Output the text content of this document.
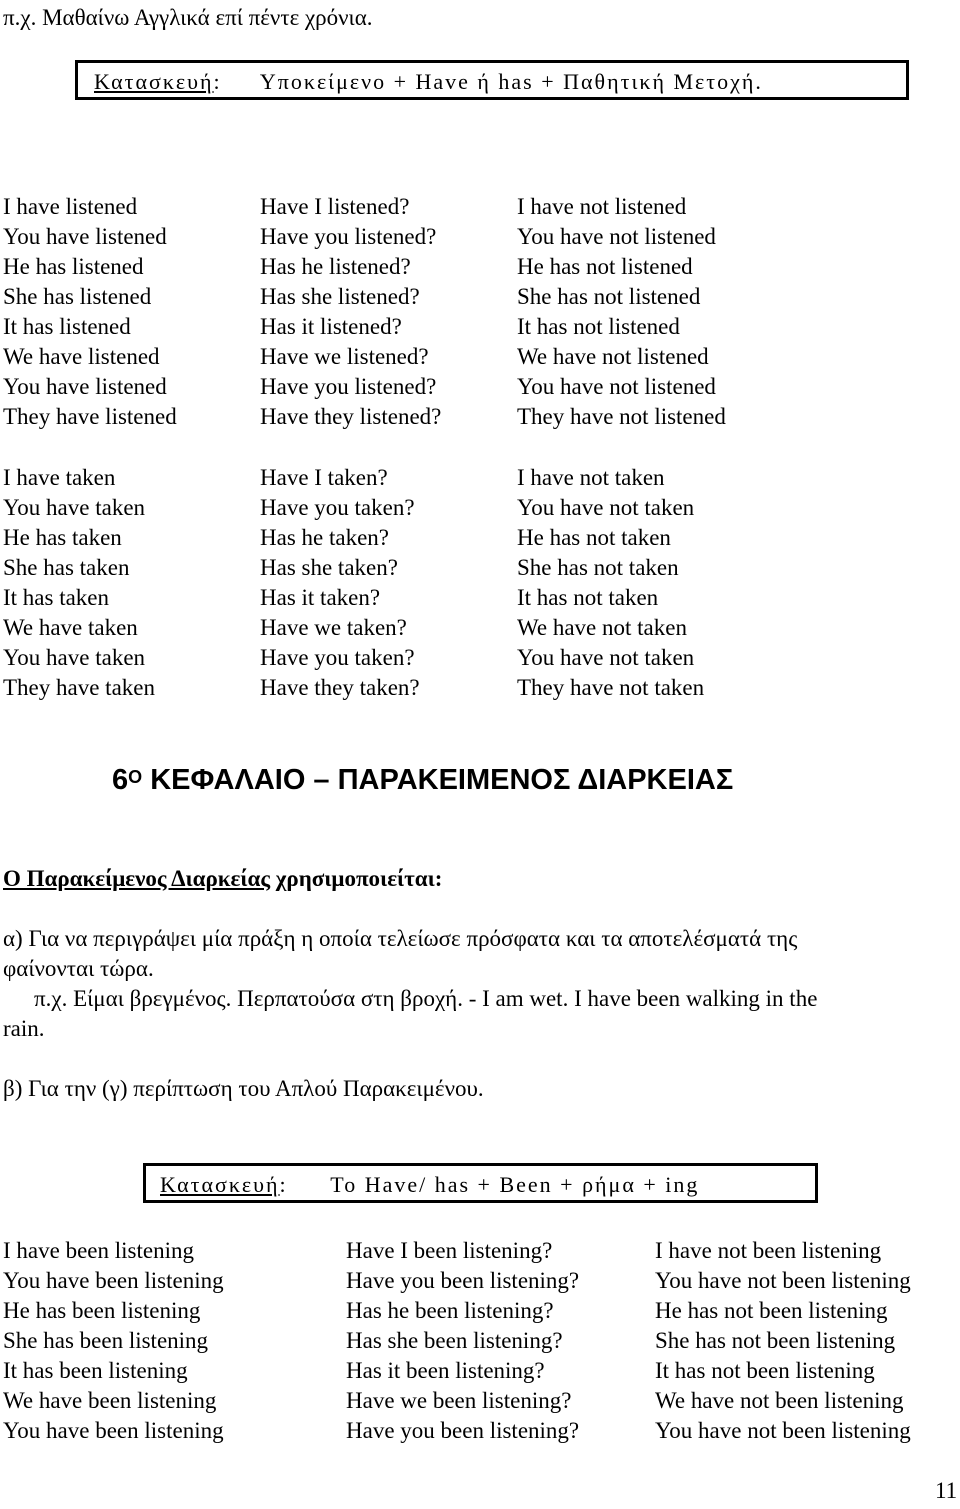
π.χ. Μαθαίνω Αγγλικά επί πέντε χρόνια.
Κατασκευή: Υποκείμενο + Have ή has + Παθητική Μετοχή.
I have listened	Have I listened?	I have not listened
You have listened	Have you listened?	You have not listened
He has listened	Has he listened?	He has not listened
She has listened	Has she listened?	She has not listened
It has listened	Has it listened?	It has not listened
We have listened	Have we listened?	We have not listened
You have listened	Have you listened?	You have not listened
They have listened	Have they listened?	They have not listened
I have taken	Have I taken?	I have not taken
You have taken	Have you taken?	You have not taken
He has taken	Has he taken?	He has not taken
She has taken	Has she taken?	She has not taken
It has taken	Has it taken?	It has not taken
We have taken	Have we taken?	We have not taken
You have taken	Have you taken?	You have not taken
They have taken	Have they taken?	They have not taken
$6^O$ ΚΕΦΑΛΑΙΟ – ΠΑΡΑΚΕΙΜΕΝΟΣ ΔΙΑΡΚΕΙΑΣ
Ο Παρακείμενος Διαρκείας χρησιμοποιείται:
α) Για να περιγράψει μία πράξη η οποία τελείωσε πρόσφατα και τα αποτελέσματά της
φαίνονται τώρα.
π.χ. Είμαι βρεγμένος. Περπατούσα στη βροχή. - I am wet. I have been walking in the
rain.
β) Για την (γ) περίπτωση του Απλού Παρακειμένου.
Κατασκευή: Το Have/ has + Been + ρήμα + ing
I have been listening	Have I been listening?	I have not been listening
You have been listening	Have you been listening?	You have not been listening
He has been listening	Has he been listening?	He has not been listening
She has been listening	Has she been listening?	She has not been listening
It has been listening	Has it been listening?	It has not been listening
We have been listening	Have we been listening?	We have not been listening
You have been listening	Have you been listening?	You have not been listening
11
